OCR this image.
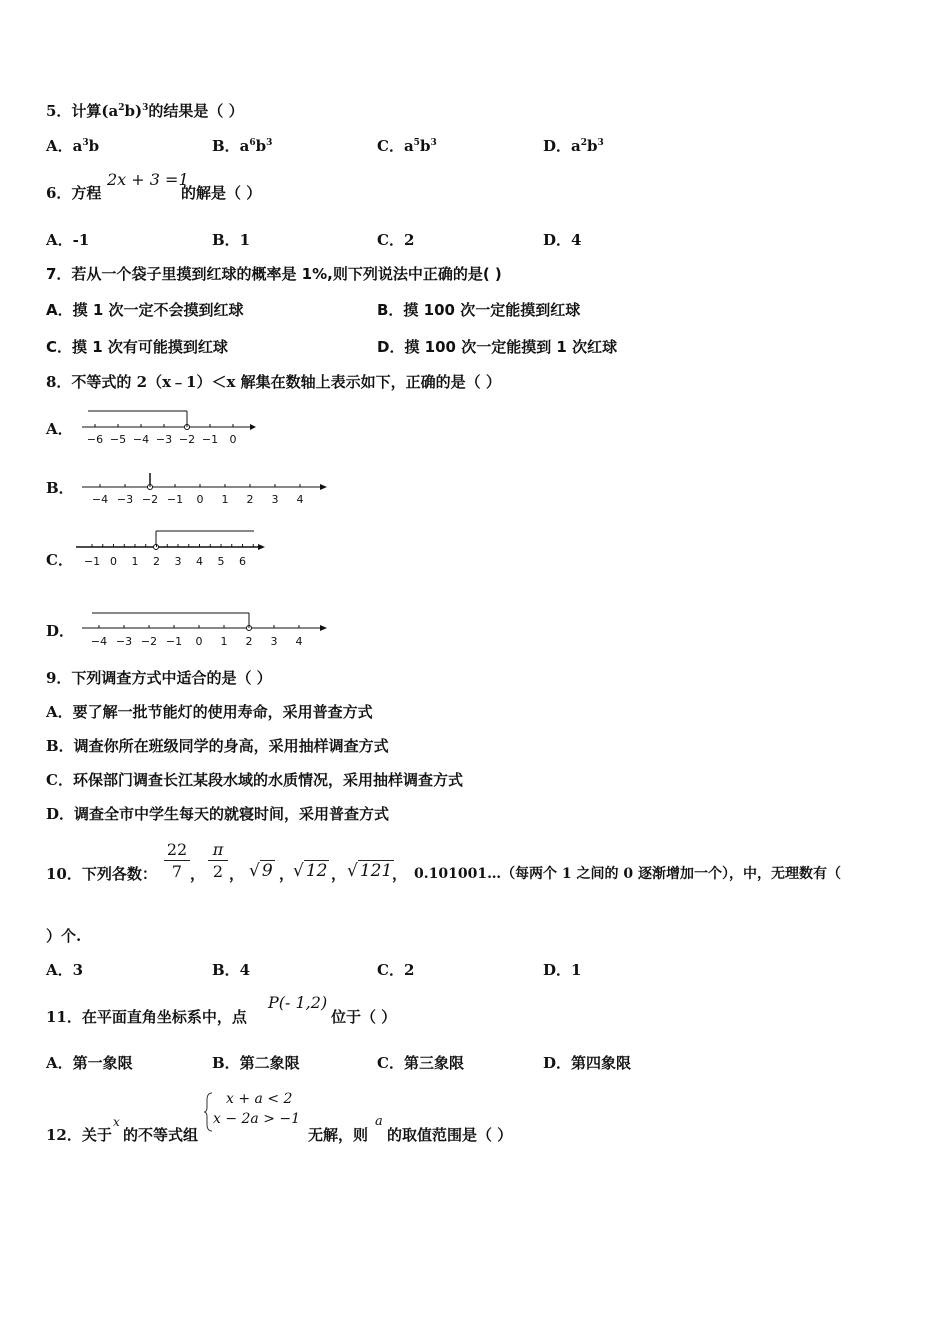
5．计算$(a^2b)^3$的结果是（ ）
A．$a^3b$	B．$a^6b^3$	C．$a^5b^3$	D．$a^2b^3$
6．方程
2x + 3 =1
的解是（ ）
A．-1	B．1	C．2	D．4
7．若从一个袋子里摸到红球的概率是 1%,则下列说法中正确的是( )
A．摸 1 次一定不会摸到红球	B．摸 100 次一定能摸到红球
C．摸 1 次有可能摸到红球	D．摸 100 次一定能摸到 1 次红球
8．不等式的 2（x﹣1）＜x 解集在数轴上表示如下，正确的是（ ）
A．
−6 −5 −4 −3 −2 −1 0
B．
−4 −3 −2 −1 0 1 2 3 4
C． −1 0 1 2 3 4 5 6
D．
−4 −3 −2 −1 0 1 2 3 4
9．下列调查方式中适合的是（ ）
A．要了解一批节能灯的使用寿命，采用普查方式
B．调查你所在班级同学的身高，采用抽样调查方式
C．环保部门调查长江某段水域的水质情况，采用抽样调查方式
D．调查全市中学生每天的就寝时间，采用普查方式
10．下列各数： $\frac{22}{7}$ ， $\frac{\pi}{2}$ ， √ 9 ，
√ 12 ， √ 121 ， 0.101001…（每两个 1 之间的 0 逐渐增加一个），中，无理数有（
）个.
A．3	B．4	C．2	D．1
11．在平面直角坐标系中，点
P(- 1,2)
位于（ ）
A．第一象限	B．第二象限	C．第三象限	D．第四象限
12．关于
x
的不等式组
x + a < 2
x − 2a > −1
无解，则
a
的取值范围是（ ）
